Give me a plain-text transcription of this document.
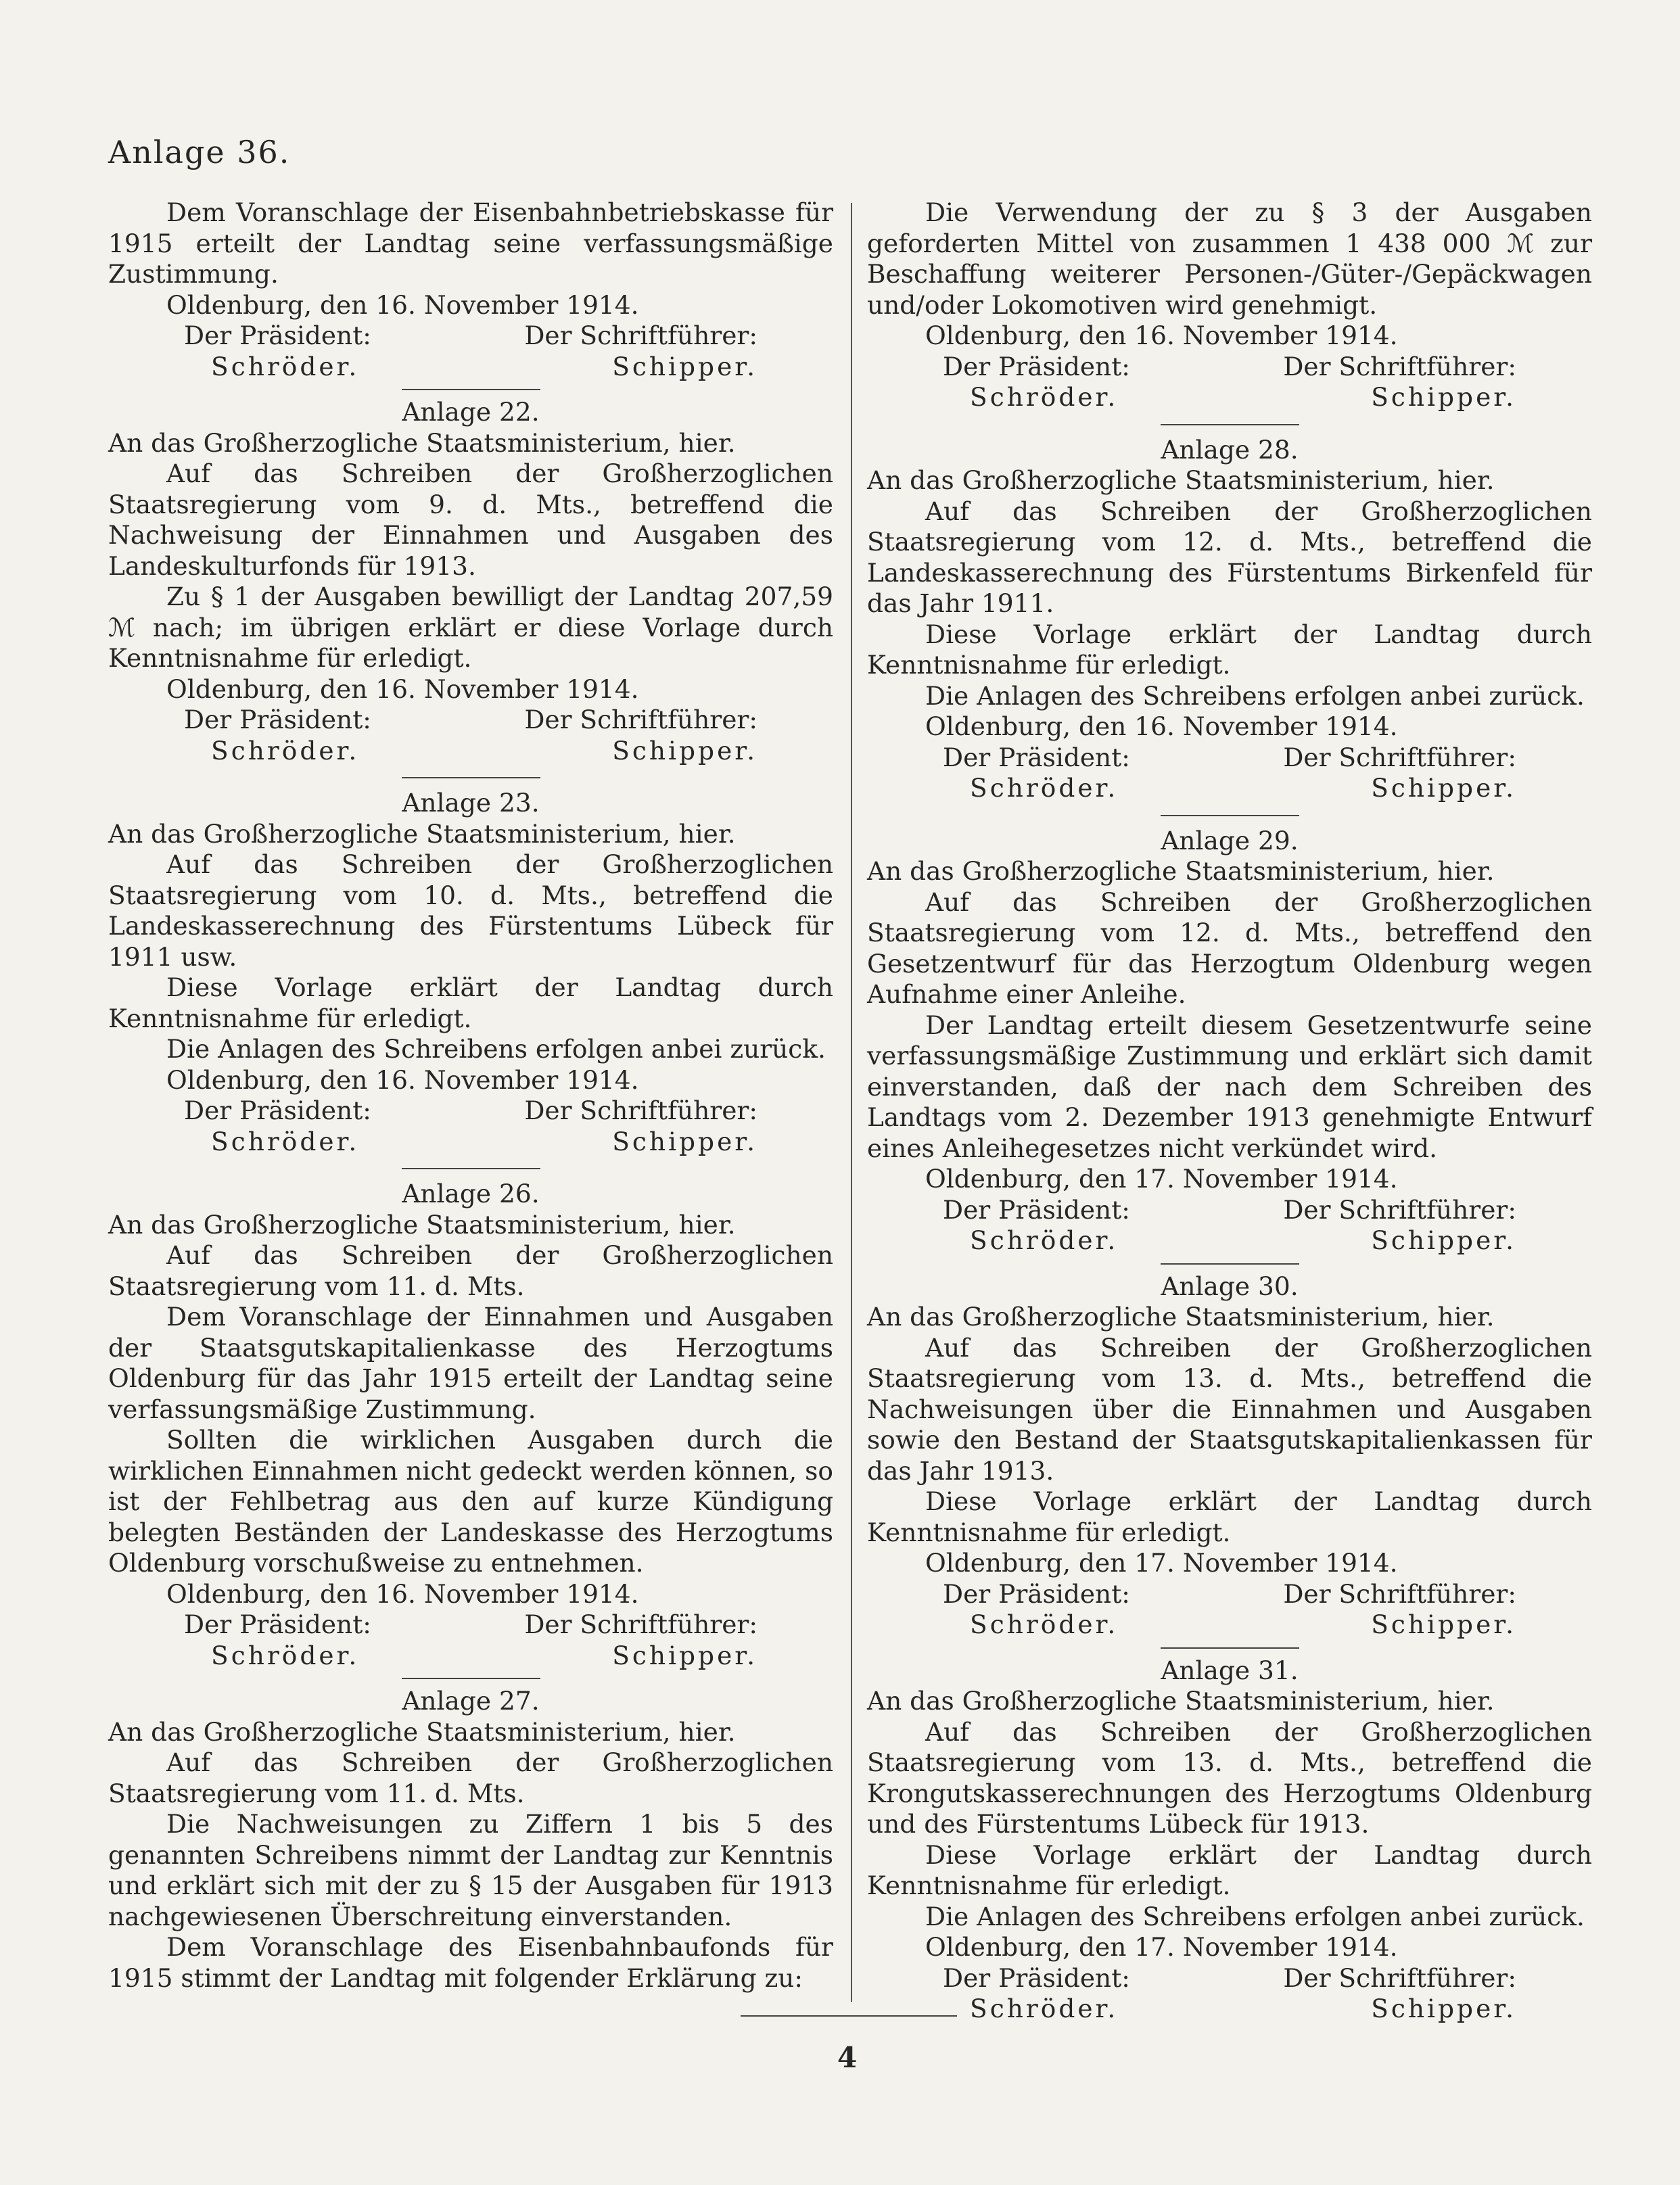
Anlage 36.

Dem Voranschlage der Eisenbahnbetriebskasse für 1915 erteilt der Landtag seine verfassungsmäßige Zustimmung.

Oldenburg, den 16. November 1914.
Der Präsident:	Der Schriftführer:
Schröder.	Schipper.
Anlage 22.
An das Großherzogliche Staatsministerium, hier.

Auf das Schreiben der Großherzoglichen Staatsregierung vom 9. d. Mts., betreffend die Nachweisung der Einnahmen und Ausgaben des Landeskulturfonds für 1913.

Zu § 1 der Ausgaben bewilligt der Landtag 207,59 ℳ nach; im übrigen erklärt er diese Vorlage durch Kenntnisnahme für erledigt.

Oldenburg, den 16. November 1914.
Der Präsident:	Der Schriftführer:
Schröder.	Schipper.
Anlage 23.
An das Großherzogliche Staatsministerium, hier.

Auf das Schreiben der Großherzoglichen Staatsregierung vom 10. d. Mts., betreffend die Landeskasserechnung des Fürstentums Lübeck für 1911 usw.

Diese Vorlage erklärt der Landtag durch Kenntnisnahme für erledigt.

Die Anlagen des Schreibens erfolgen anbei zurück.

Oldenburg, den 16. November 1914.
Der Präsident:	Der Schriftführer:
Schröder.	Schipper.
Anlage 26.
An das Großherzogliche Staatsministerium, hier.

Auf das Schreiben der Großherzoglichen Staatsregierung vom 11. d. Mts.

Dem Voranschlage der Einnahmen und Ausgaben der Staatsgutskapitalienkasse des Herzogtums Oldenburg für das Jahr 1915 erteilt der Landtag seine verfassungsmäßige Zustimmung.

Sollten die wirklichen Ausgaben durch die wirklichen Einnahmen nicht gedeckt werden können, so ist der Fehlbetrag aus den auf kurze Kündigung belegten Beständen der Landeskasse des Herzogtums Oldenburg vorschußweise zu entnehmen.

Oldenburg, den 16. November 1914.
Der Präsident:	Der Schriftführer:
Schröder.	Schipper.
Anlage 27.
An das Großherzogliche Staatsministerium, hier.

Auf das Schreiben der Großherzoglichen Staatsregierung vom 11. d. Mts.

Die Nachweisungen zu Ziffern 1 bis 5 des genannten Schreibens nimmt der Landtag zur Kenntnis und erklärt sich mit der zu § 15 der Ausgaben für 1913 nachgewiesenen Überschreitung einverstanden.

Dem Voranschlage des Eisenbahnbaufonds für 1915 stimmt der Landtag mit folgender Erklärung zu:

Die Verwendung der zu § 3 der Ausgaben geforderten Mittel von zusammen 1 438 000 ℳ zur Beschaffung weiterer Personen-/Güter-/Gepäckwagen und/oder Lokomotiven wird genehmigt.

Oldenburg, den 16. November 1914.
Der Präsident:	Der Schriftführer:
Schröder.	Schipper.
Anlage 28.
An das Großherzogliche Staatsministerium, hier.

Auf das Schreiben der Großherzoglichen Staatsregierung vom 12. d. Mts., betreffend die Landeskasserechnung des Fürstentums Birkenfeld für das Jahr 1911.

Diese Vorlage erklärt der Landtag durch Kenntnisnahme für erledigt.

Die Anlagen des Schreibens erfolgen anbei zurück.

Oldenburg, den 16. November 1914.
Der Präsident:	Der Schriftführer:
Schröder.	Schipper.
Anlage 29.
An das Großherzogliche Staatsministerium, hier.

Auf das Schreiben der Großherzoglichen Staatsregierung vom 12. d. Mts., betreffend den Gesetzentwurf für das Herzogtum Oldenburg wegen Aufnahme einer Anleihe.

Der Landtag erteilt diesem Gesetzentwurfe seine verfassungsmäßige Zustimmung und erklärt sich damit einverstanden, daß der nach dem Schreiben des Landtags vom 2. Dezember 1913 genehmigte Entwurf eines Anleihegesetzes nicht verkündet wird.

Oldenburg, den 17. November 1914.
Der Präsident:	Der Schriftführer:
Schröder.	Schipper.
Anlage 30.
An das Großherzogliche Staatsministerium, hier.

Auf das Schreiben der Großherzoglichen Staatsregierung vom 13. d. Mts., betreffend die Nachweisungen über die Einnahmen und Ausgaben sowie den Bestand der Staatsgutskapitalienkassen für das Jahr 1913.

Diese Vorlage erklärt der Landtag durch Kenntnisnahme für erledigt.

Oldenburg, den 17. November 1914.
Der Präsident:	Der Schriftführer:
Schröder.	Schipper.
Anlage 31.
An das Großherzogliche Staatsministerium, hier.

Auf das Schreiben der Großherzoglichen Staatsregierung vom 13. d. Mts., betreffend die Krongutskasserechnungen des Herzogtums Oldenburg und des Fürstentums Lübeck für 1913.

Diese Vorlage erklärt der Landtag durch Kenntnisnahme für erledigt.

Die Anlagen des Schreibens erfolgen anbei zurück.

Oldenburg, den 17. November 1914.
Der Präsident:	Der Schriftführer:
Schröder.	Schipper.
4
